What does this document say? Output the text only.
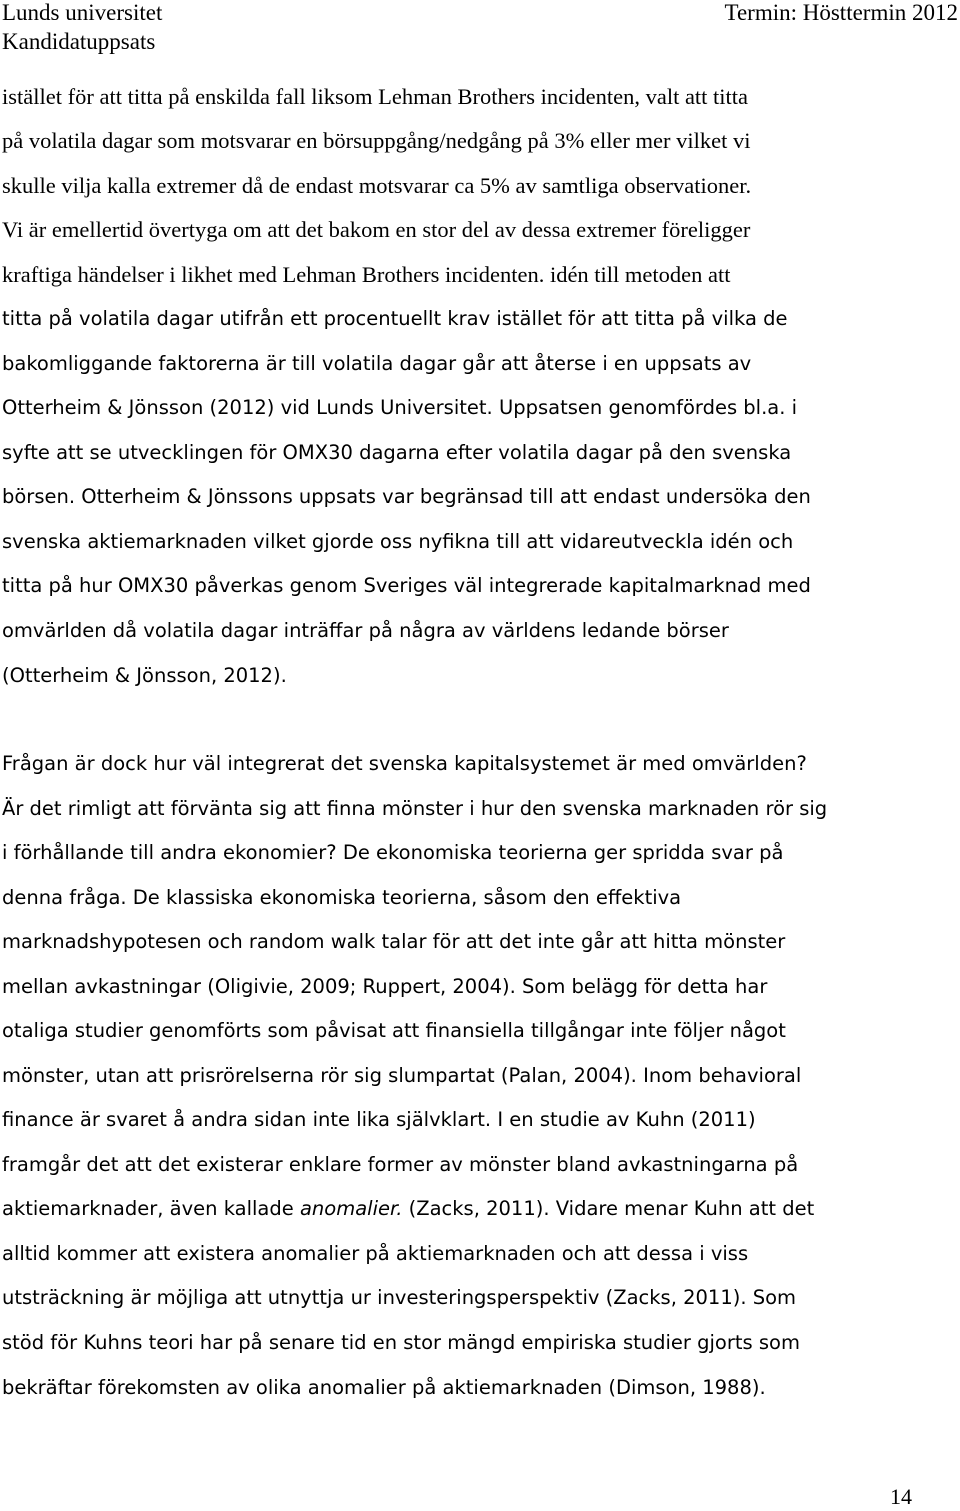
Lunds universitet
Kandidatuppsats
Termin: Hösttermin 2012
istället för att titta på enskilda fall liksom Lehman Brothers incidenten, valt att titta
på volatila dagar som motsvarar en börsuppgång/nedgång på 3% eller mer vilket vi
skulle vilja kalla extremer då de endast motsvarar ca 5% av samtliga observationer.
Vi är emellertid övertyga om att det bakom en stor del av dessa extremer föreligger
kraftiga händelser i likhet med Lehman Brothers incidenten. idén till metoden att
titta på volatila dagar utifrån ett procentuellt krav istället för att titta på vilka de
bakomliggande faktorerna är till volatila dagar går att återse i en uppsats av
Otterheim & Jönsson (2012) vid Lunds Universitet. Uppsatsen genomfördes bl.a. i
syfte att se utvecklingen för OMX30 dagarna efter volatila dagar på den svenska
börsen. Otterheim & Jönssons uppsats var begränsad till att endast undersöka den
svenska aktiemarknaden vilket gjorde oss nyfikna till att vidareutveckla idén och
titta på hur OMX30 påverkas genom Sveriges väl integrerade kapitalmarknad med
omvärlden då volatila dagar inträffar på några av världens ledande börser
(Otterheim & Jönsson, 2012).
Frågan är dock hur väl integrerat det svenska kapitalsystemet är med omvärlden?
Är det rimligt att förvänta sig att finna mönster i hur den svenska marknaden rör sig
i förhållande till andra ekonomier? De ekonomiska teorierna ger spridda svar på
denna fråga. De klassiska ekonomiska teorierna, såsom den effektiva
marknadshypotesen och random walk talar för att det inte går att hitta mönster
mellan avkastningar (Oligivie, 2009; Ruppert, 2004). Som belägg för detta har
otaliga studier genomförts som påvisat att finansiella tillgångar inte följer något
mönster, utan att prisrörelserna rör sig slumpartat (Palan, 2004). Inom behavioral
finance är svaret å andra sidan inte lika självklart. I en studie av Kuhn (2011)
framgår det att det existerar enklare former av mönster bland avkastningarna på
aktiemarknader, även kallade anomalier. (Zacks, 2011). Vidare menar Kuhn att det
alltid kommer att existera anomalier på aktiemarknaden och att dessa i viss
utsträckning är möjliga att utnyttja ur investeringsperspektiv (Zacks, 2011). Som
stöd för Kuhns teori har på senare tid en stor mängd empiriska studier gjorts som
bekräftar förekomsten av olika anomalier på aktiemarknaden (Dimson, 1988).
14
